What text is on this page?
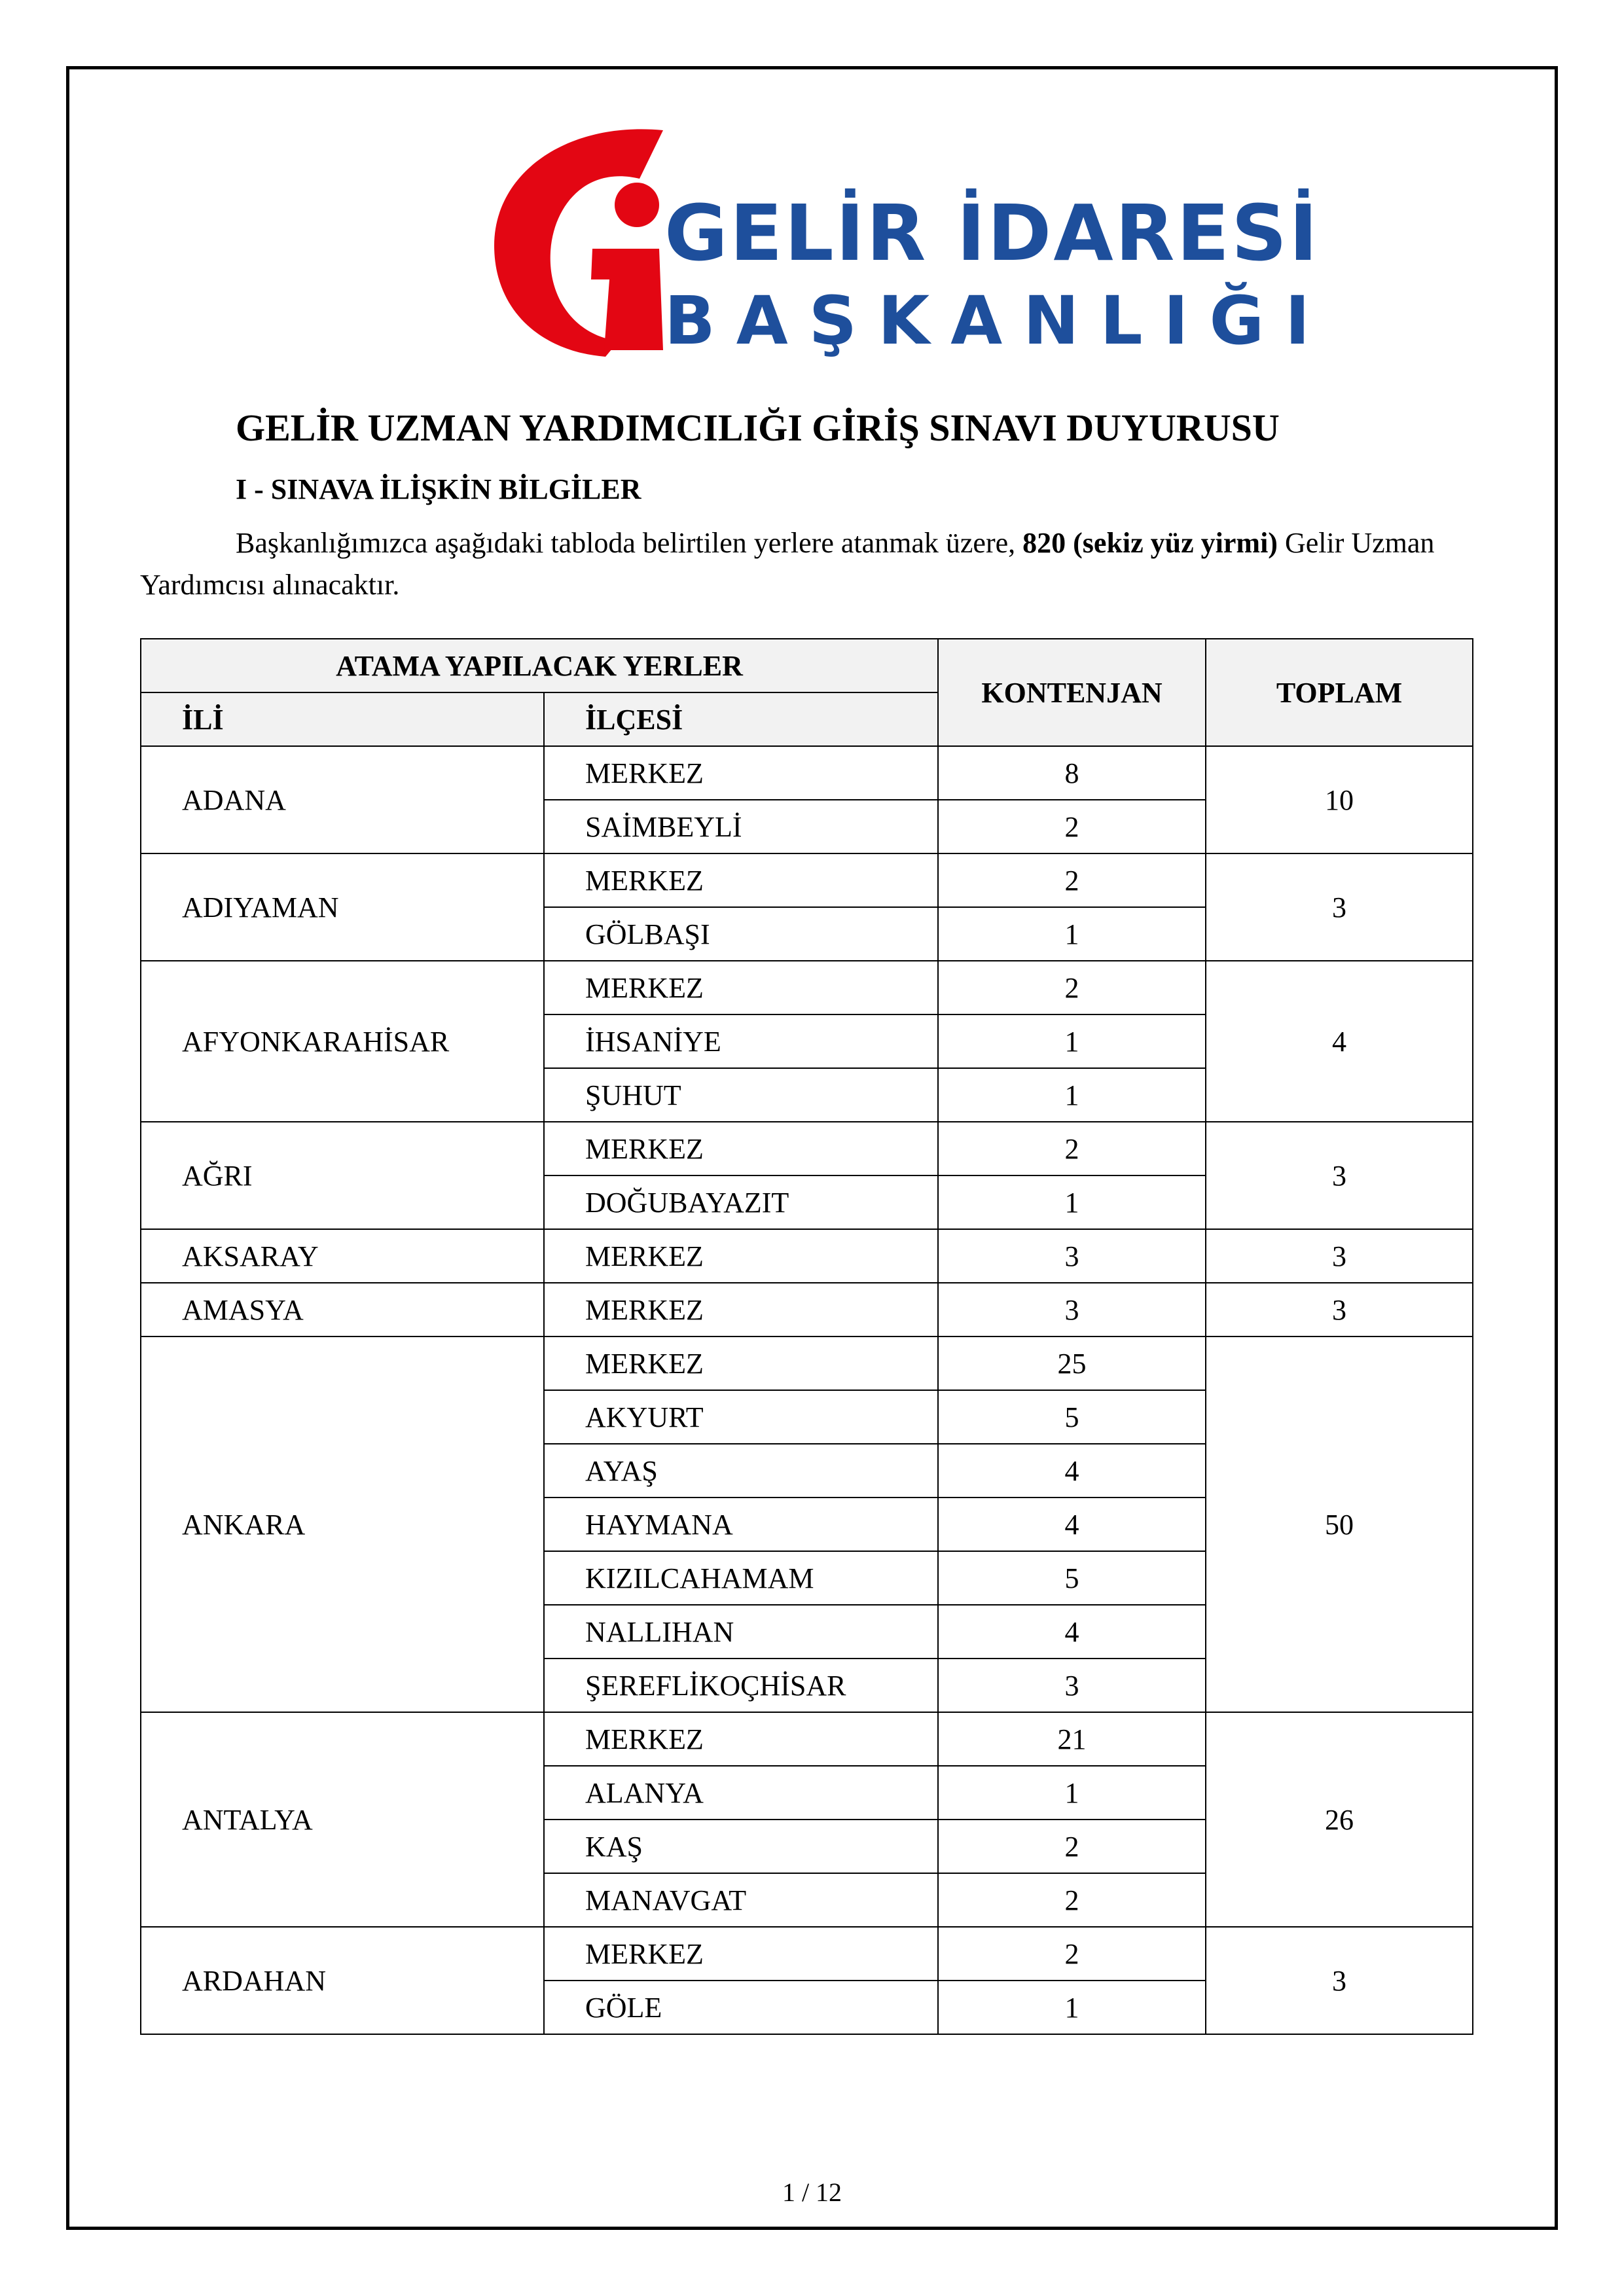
GELİR İDARESİ
BAŞKANLIĞI
GELİR UZMAN YARDIMCILIĞI GİRİŞ SINAVI DUYURUSU
I - SINAVA İLİŞKİN BİLGİLER

Başkanlığımızca aşağıdaki tabloda belirtilen yerlere atanmak üzere, 820 (sekiz yüz yirmi) Gelir Uzman Yardımcısı alınacaktır.

ATAMA YAPILACAK YERLER		KONTENJAN	TOPLAM
İLİ	İLÇESİ		
ADANA	MERKEZ	8	10
	SAİMBEYLİ	2	
ADIYAMAN	MERKEZ	2	3
	GÖLBAŞI	1	
AFYONKARAHİSAR	MERKEZ	2	4
	İHSANİYE	1	
	ŞUHUT	1	
AĞRI	MERKEZ	2	3
	DOĞUBAYAZIT	1	
AKSARAY	MERKEZ	3	3
AMASYA	MERKEZ	3	3
ANKARA	MERKEZ	25	50
	AKYURT	5	
	AYAŞ	4	
	HAYMANA	4	
	KIZILCAHAMAM	5	
	NALLIHAN	4	
	ŞEREFLİKOÇHİSAR	3	
ANTALYA	MERKEZ	21	26
	ALANYA	1	
	KAŞ	2	
	MANAVGAT	2	
ARDAHAN	MERKEZ	2	3
	GÖLE	1	
1 / 12
